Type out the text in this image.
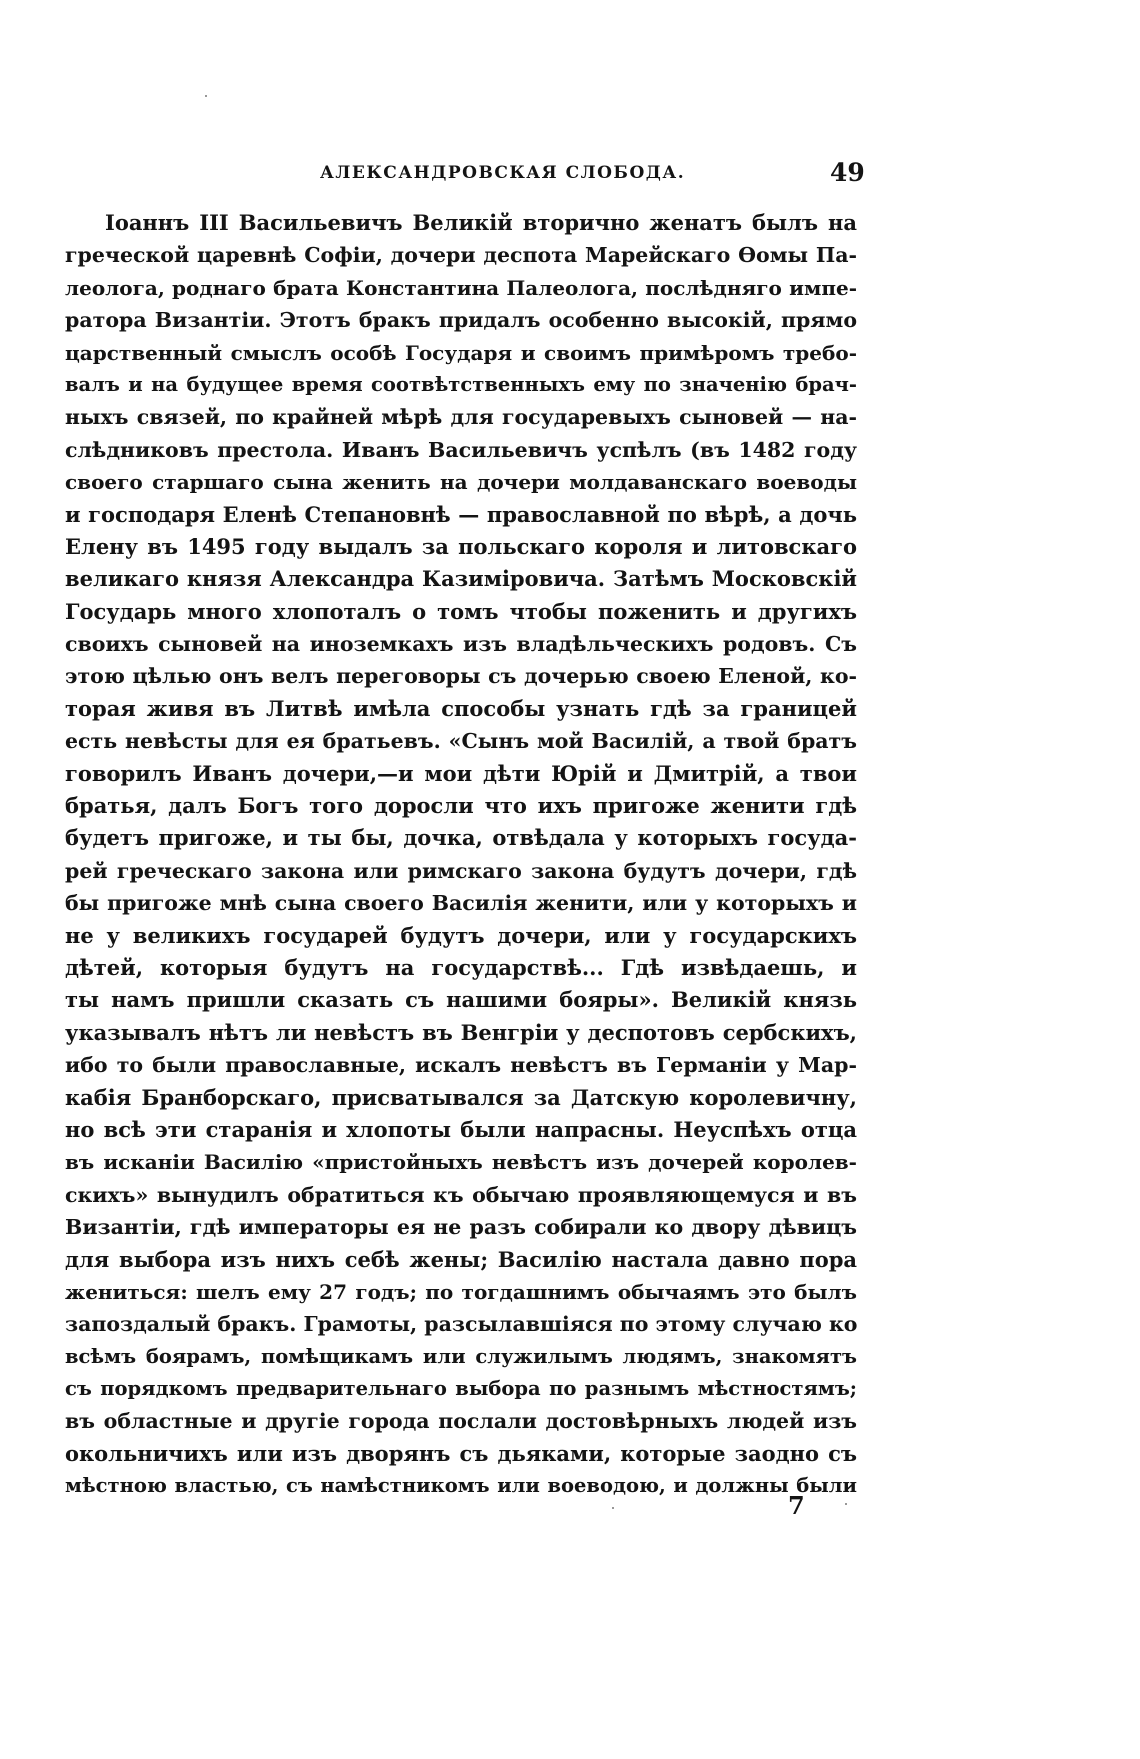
АЛЕКСАНДРОВСКАЯ СЛОБОДА.	49
Іоаннъ III Васильевичъ Великій вторично женатъ былъ на
греческой царевнѣ Софіи, дочери деспота Марейскаго Ѳомы Па-
леолога, роднаго брата Константина Палеолога, послѣдняго импе-
ратора Византіи. Этотъ бракъ придалъ особенно высокій, прямо
царственный смыслъ особѣ Государя и своимъ примѣромъ требо-
валъ и на будущее время соотвѣтственныхъ ему по значенію брач-
ныхъ связей, по крайней мѣрѣ для государевыхъ сыновей — на-
слѣдниковъ престола. Иванъ Васильевичъ успѣлъ (въ 1482 году
своего старшаго сына женить на дочери молдаванскаго воеводы
и господаря Еленѣ Степановнѣ — православной по вѣрѣ, а дочь
Елену въ 1495 году выдалъ за польскаго короля и литовскаго
великаго князя Александра Казиміровича. Затѣмъ Московскій
Государь много хлопоталъ о томъ чтобы поженить и другихъ
своихъ сыновей на иноземкахъ изъ владѣльческихъ родовъ. Съ
этою цѣлью онъ велъ переговоры съ дочерью своею Еленой, ко-
торая живя въ Литвѣ имѣла способы узнать гдѣ за границей
есть невѣсты для ея братьевъ. «Сынъ мой Василій, а твой братъ
говорилъ Иванъ дочери,—и мои дѣти Юрій и Дмитрій, а твои
братья, далъ Богъ того доросли что ихъ пригоже женити гдѣ
будетъ пригоже, и ты бы, дочка, отвѣдала у которыхъ госуда-
рей греческаго закона или римскаго закона будутъ дочери, гдѣ
бы пригоже мнѣ сына своего Василія женити, или у которыхъ и
не у великихъ государей будутъ дочери, или у государскихъ
дѣтей, которыя будутъ на государствѣ... Гдѣ извѣдаешь, и
ты намъ пришли сказать съ нашими бояры». Великій князь
указывалъ нѣтъ ли невѣстъ въ Венгріи у деспотовъ сербскихъ,
ибо то были православные, искалъ невѣстъ въ Германіи у Мар-
кабія Бранборскаго, присватывался за Датскую королевичну,
но всѣ эти старанія и хлопоты были напрасны. Неуспѣхъ отца
въ исканіи Василію «пристойныхъ невѣстъ изъ дочерей королев-
скихъ» вынудилъ обратиться къ обычаю проявляющемуся и въ
Византіи, гдѣ императоры ея не разъ собирали ко двору дѣвицъ
для выбора изъ нихъ себѣ жены; Василію настала давно пора
жениться: шелъ ему 27 годъ; по тогдашнимъ обычаямъ это былъ
запоздалый бракъ. Грамоты, разсылавшіяся по этому случаю ко
всѣмъ боярамъ, помѣщикамъ или служилымъ людямъ, знакомятъ
съ порядкомъ предварительнаго выбора по разнымъ мѣстностямъ;
въ областные и другіе города послали достовѣрныхъ людей изъ
окольничихъ или изъ дворянъ съ дьяками, которые заодно съ
мѣстною властью, съ намѣстникомъ или воеводою, и должны были
7
